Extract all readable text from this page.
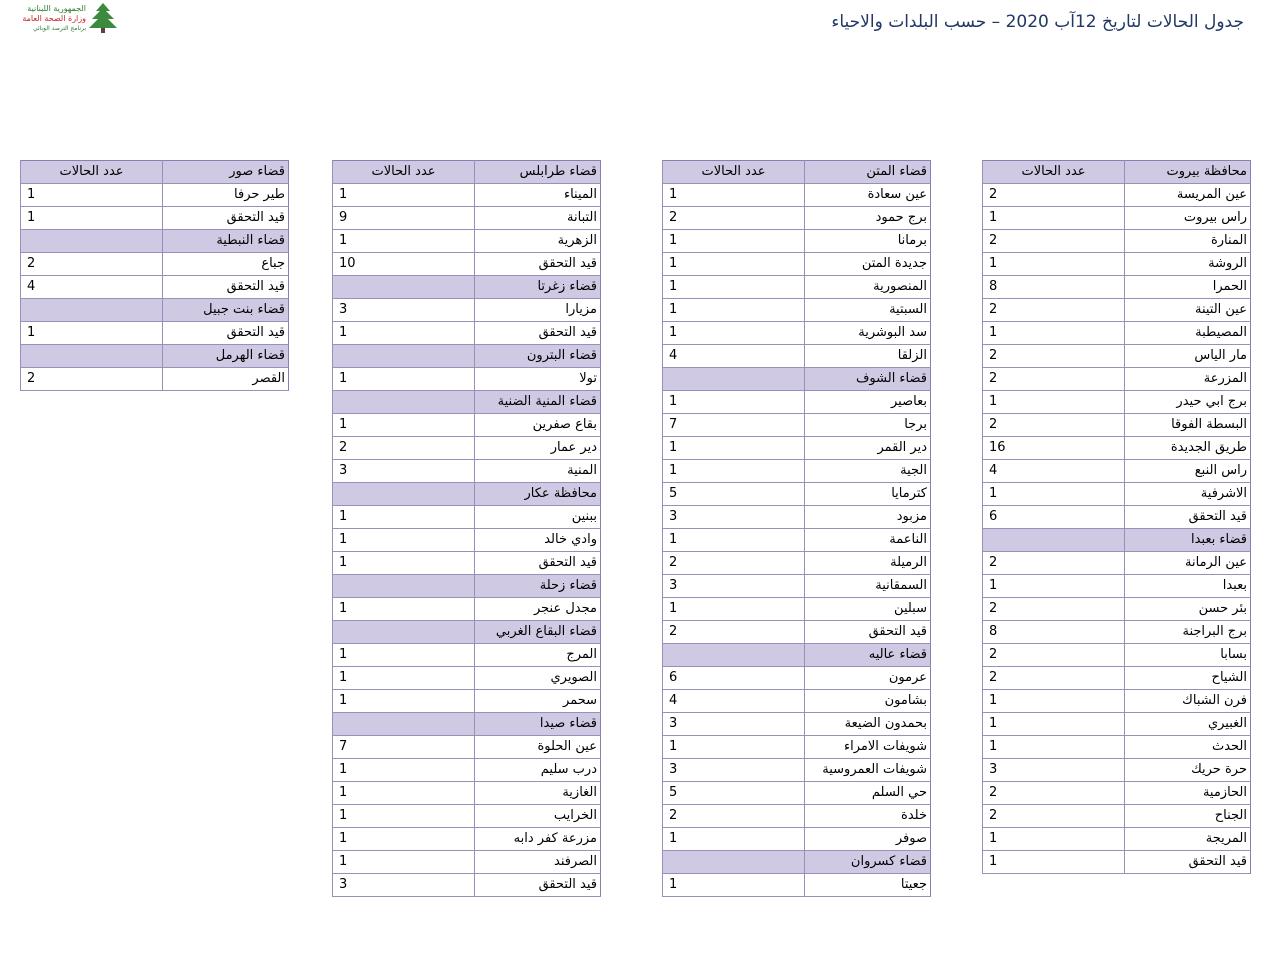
الجمهورية اللبنانية
وزارة الصحة العامة
برنامج الترصد الوبائي	جدول الحالات لتاريخ 12آب 2020 – حسب البلدات والاحياء
محافظة بيروت	عدد الحالات
عين المريسة	2
راس بيروت	1
المنارة	2
الروشة	1
الحمرا	8
عين التينة	2
المصيطبة	1
مار الياس	2
المزرعة	2
برج ابي حيدر	1
البسطة الفوقا	2
طريق الجديدة	16
راس النبع	4
الاشرفية	1
قيد التحقق	6
قضاء بعبدا	
عين الرمانة	2
بعبدا	1
بئر حسن	2
برج البراجنة	8
بسابا	2
الشياح	2
فرن الشباك	1
الغبيري	1
الحدث	1
حرة حريك	3
الحازمية	2
الجناح	2
المريجة	1
قيد التحقق	1
قضاء المتن	عدد الحالات
عين سعادة	1
برج حمود	2
برمانا	1
جديدة المتن	1
المنصورية	1
السبتية	1
سد البوشرية	1
الزلقا	4
قضاء الشوف	
بعاصير	1
برجا	7
دير القمر	1
الجية	1
كترمايا	5
مزبود	3
الناعمة	1
الرميلة	2
السمقانية	3
سبلين	1
قيد التحقق	2
قضاء عاليه	
عرمون	6
بشامون	4
بحمدون الضيعة	3
شويفات الامراء	1
شويفات العمروسية	3
حي السلم	5
خلدة	2
صوفر	1
قضاء كسروان	
جعيتا	1
قضاء طرابلس	عدد الحالات
الميناء	1
التبانة	9
الزهرية	1
قيد التحقق	10
قضاء زغرتا	
مزيارا	3
قيد التحقق	1
قضاء البترون	
تولا	1
قضاء المنية الضنية	
بقاع صفرين	1
دير عمار	2
المنية	3
محافظة عكار	
ببنين	1
وادي خالد	1
قيد التحقق	1
قضاء زحلة	
مجدل عنجر	1
قضاء البقاع الغربي	
المرج	1
الصويري	1
سحمر	1
قضاء صيدا	
عين الحلوة	7
درب سليم	1
الغازية	1
الخرايب	1
مزرعة كفر دابه	1
الصرفند	1
قيد التحقق	3
قضاء صور	عدد الحالات
طير حرفا	1
قيد التحقق	1
قضاء النبطية	
جباع	2
قيد التحقق	4
قضاء بنت جبيل	
قيد التحقق	1
قضاء الهرمل	
القصر	2
